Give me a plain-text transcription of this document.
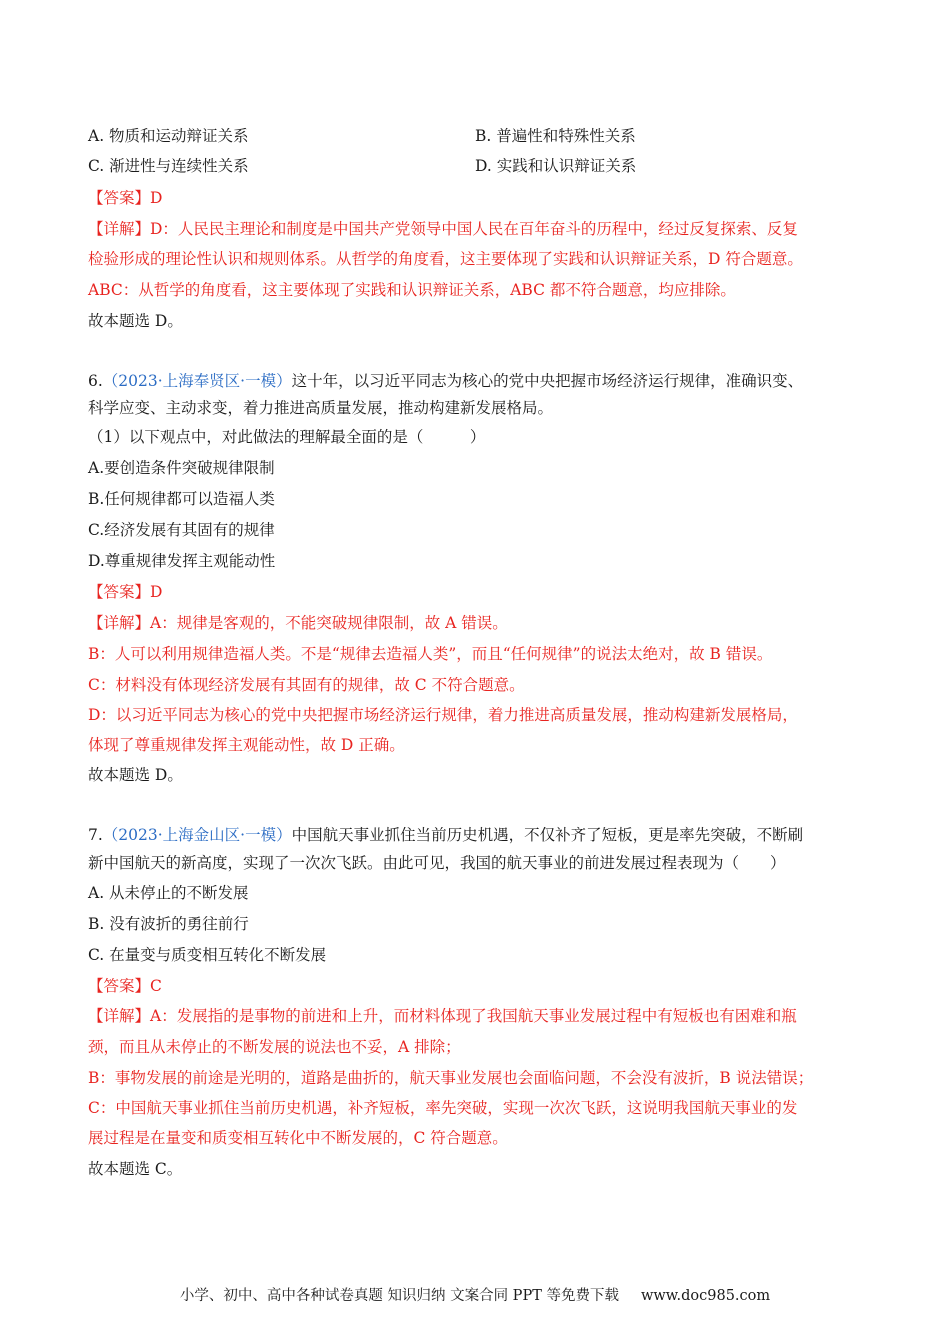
A. 物质和运动辩证关系	B. 普遍性和特殊性关系
C. 渐进性与连续性关系	D. 实践和认识辩证关系
【答案】D
【详解】D：人民民主理论和制度是中国共产党领导中国人民在百年奋斗的历程中，经过反复探索、反复
检验形成的理论性认识和规则体系。从哲学的角度看，这主要体现了实践和认识辩证关系，D 符合题意。
ABC：从哲学的角度看，这主要体现了实践和认识辩证关系，ABC 都不符合题意，均应排除。
故本题选 D。
6.（2023·上海奉贤区·一模）这十年，以习近平同志为核心的党中央把握市场经济运行规律，准确识变、
科学应变、主动求变，着力推进高质量发展，推动构建新发展格局。
（1）以下观点中，对此做法的理解最全面的是（　　　）
A.要创造条件突破规律限制
B.任何规律都可以造福人类
C.经济发展有其固有的规律
D.尊重规律发挥主观能动性
【答案】D
【详解】A：规律是客观的，不能突破规律限制，故 A 错误。
B：人可以利用规律造福人类。不是“规律去造福人类”，而且“任何规律”的说法太绝对，故 B 错误。
C：材料没有体现经济发展有其固有的规律，故 C 不符合题意。
D：以习近平同志为核心的党中央把握市场经济运行规律，着力推进高质量发展，推动构建新发展格局，
体现了尊重规律发挥主观能动性，故 D 正确。
故本题选 D。
7.（2023·上海金山区·一模）中国航天事业抓住当前历史机遇，不仅补齐了短板，更是率先突破，不断刷
新中国航天的新高度，实现了一次次飞跃。由此可见，我国的航天事业的前进发展过程表现为（　　）
A. 从未停止的不断发展
B. 没有波折的勇往前行
C. 在量变与质变相互转化不断发展
【答案】C
【详解】A：发展指的是事物的前进和上升，而材料体现了我国航天事业发展过程中有短板也有困难和瓶
颈，而且从未停止的不断发展的说法也不妥，A 排除；
B：事物发展的前途是光明的，道路是曲折的，航天事业发展也会面临问题，不会没有波折，B 说法错误；
C：中国航天事业抓住当前历史机遇，补齐短板，率先突破，实现一次次飞跃，这说明我国航天事业的发
展过程是在量变和质变相互转化中不断发展的，C 符合题意。
故本题选 C。
小学、初中、高中各种试卷真题 知识归纳 文案合同 PPT 等免费下载 www.doc985.com
